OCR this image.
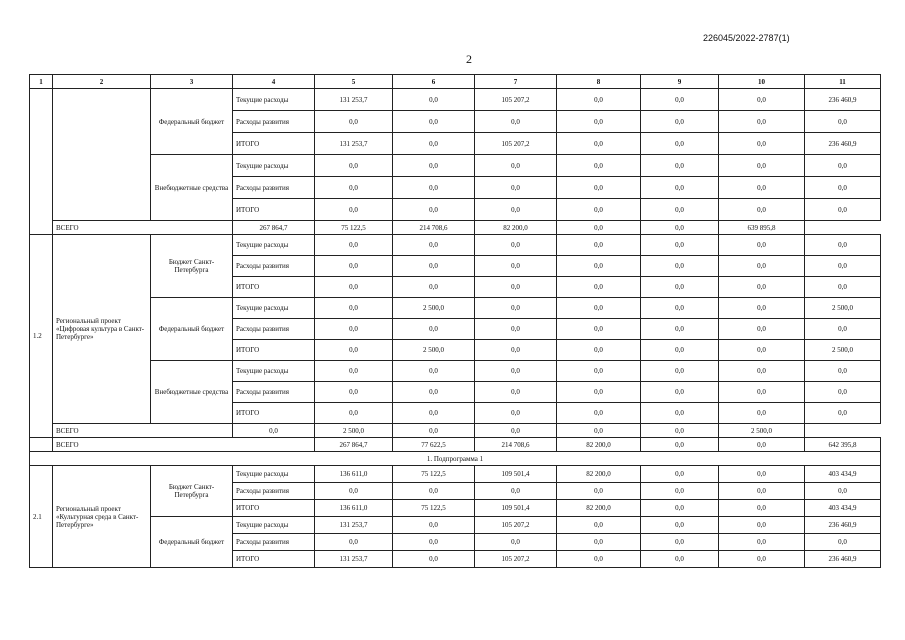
226045/2022-2787(1)
2
1	2	3	4	5	6	7	8	9	10	11
		Федеральный бюджет	Текущие расходы	131 253,7	0,0	105 207,2	0,0	0,0	0,0	236 460,9
			Расходы развития	0,0	0,0	0,0	0,0	0,0	0,0	0,0
			ИТОГО	131 253,7	0,0	105 207,2	0,0	0,0	0,0	236 460,9
		Внебюджетные средства	Текущие расходы	0,0	0,0	0,0	0,0	0,0	0,0	0,0
			Расходы развития	0,0	0,0	0,0	0,0	0,0	0,0	0,0
			ИТОГО	0,0	0,0	0,0	0,0	0,0	0,0	0,0
	ВСЕГО		267 864,7	75 122,5	214 708,6	82 200,0	0,0	0,0	639 895,8	
1.2	Региональный проект «Цифровая культура в Санкт-Петербурге»	Бюджет Санкт-Петербурга	Текущие расходы	0,0	0,0	0,0	0,0	0,0	0,0	0,0
			Расходы развития	0,0	0,0	0,0	0,0	0,0	0,0	0,0
			ИТОГО	0,0	0,0	0,0	0,0	0,0	0,0	0,0
		Федеральный бюджет	Текущие расходы	0,0	2 500,0	0,0	0,0	0,0	0,0	2 500,0
			Расходы развития	0,0	0,0	0,0	0,0	0,0	0,0	0,0
			ИТОГО	0,0	2 500,0	0,0	0,0	0,0	0,0	2 500,0
		Внебюджетные средства	Текущие расходы	0,0	0,0	0,0	0,0	0,0	0,0	0,0
			Расходы развития	0,0	0,0	0,0	0,0	0,0	0,0	0,0
			ИТОГО	0,0	0,0	0,0	0,0	0,0	0,0	0,0
	ВСЕГО		0,0	2 500,0	0,0	0,0	0,0	0,0	2 500,0	
	ВСЕГО			267 864,7	77 622,5	214 708,6	82 200,0	0,0	0,0	642 395,8
1. Подпрограмма 1										
2.1	Региональный проект «Культурная среда в Санкт-Петербурге»	Бюджет Санкт-Петербурга	Текущие расходы	136 611,0	75 122,5	109 501,4	82 200,0	0,0	0,0	403 434,9
			Расходы развития	0,0	0,0	0,0	0,0	0,0	0,0	0,0
			ИТОГО	136 611,0	75 122,5	109 501,4	82 200,0	0,0	0,0	403 434,9
		Федеральный бюджет	Текущие расходы	131 253,7	0,0	105 207,2	0,0	0,0	0,0	236 460,9
			Расходы развития	0,0	0,0	0,0	0,0	0,0	0,0	0,0
			ИТОГО	131 253,7	0,0	105 207,2	0,0	0,0	0,0	236 460,9
